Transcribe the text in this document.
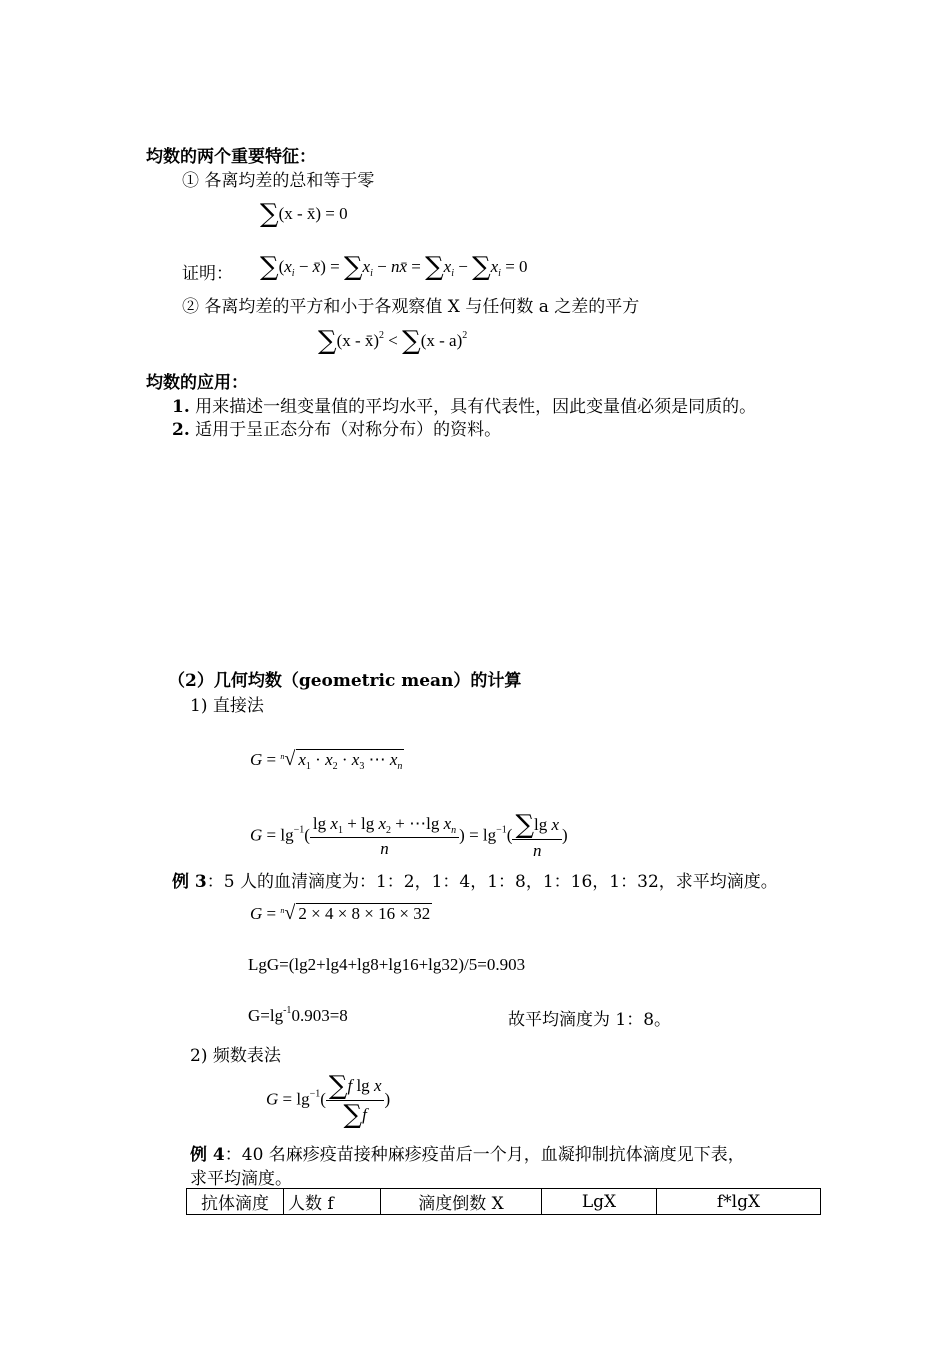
均数的两个重要特征：
① 各离均差的总和等于零
∑(x - x̄) = 0
证明： $\sum(x_i$ − x̄) = $\sum x_i$ − nx̄ = $\sum x_i - \sum x_i = 0$
② 各离均差的平方和小于各观察值 X 与任何数 a 之差的平方
∑(x - x̄)$^2$ < ∑(x - a)$^2$
均数的应用：
1. 用来描述一组变量值的平均水平，具有代表性，因此变量值必须是同质的。
2. 适用于呈正态分布（对称分布）的资料。
（2）几何均数（geometric mean）的计算
1) 直接法
G = $^n$√ $x_1 \cdot x_2 \cdot x_3$ ⋯ $x_n$
$G = \lg^{-1}( \frac{\lg x_1 + \lg x_2 + \cdots\lg x_n}{n}$ ) = $\lg^{-1}( \frac{\text{∑lg x}}{n}$ )
例 3：5 人的血清滴度为：1：2，1：4，1：8，1：16，1：32，求平均滴度。
G = $^n$√ 2 × 4 × 8 × 16 × 32
LgG=(lg2+lg4+lg8+lg16+lg32)/5=0.903
$G=\lg^{-1}0.903=8$	故平均滴度为 1：8。
2) 频数表法
$G = \lg^{-1}( \frac{\text{∑f lg x}}{\sum f}$ )
例 4：40 名麻疹疫苗接种麻疹疫苗后一个月，血凝抑制抗体滴度见下表，
求平均滴度。
抗体滴度	人数 f	滴度倒数 X	LgX	f*lgX
